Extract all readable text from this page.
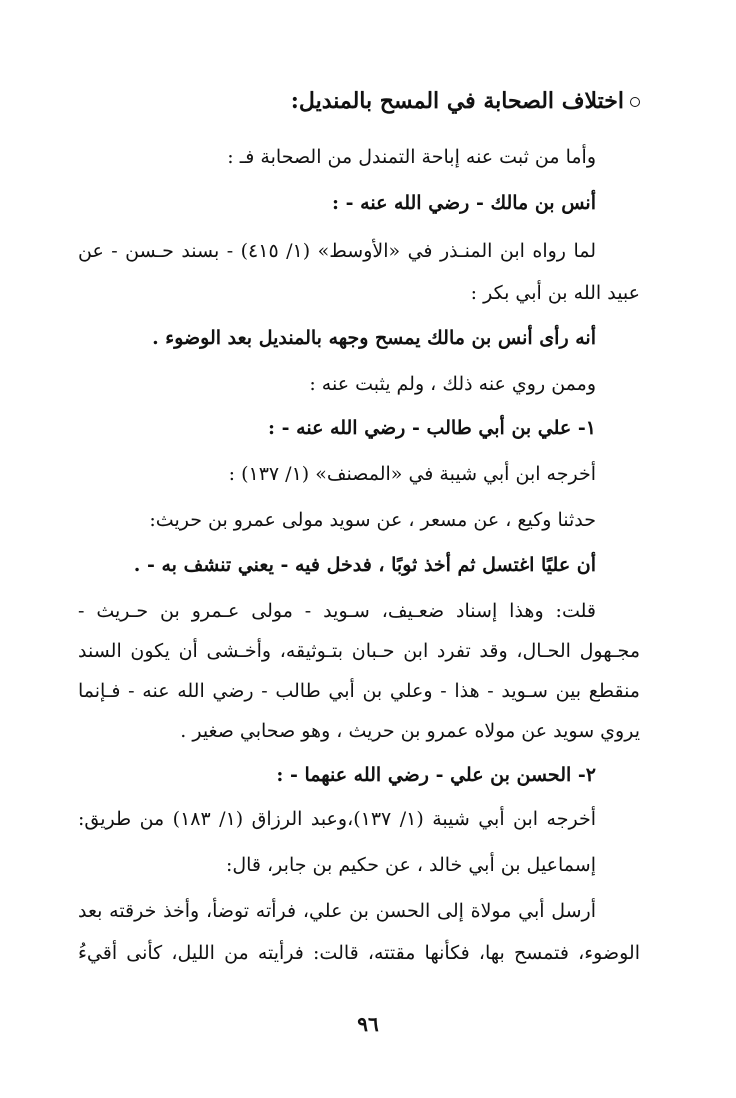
اختلاف الصحابة في المسح بالمنديل:
وأما من ثبت عنه إباحة التمندل من الصحابة فـ :
أنس بن مالك - رضي الله عنه - :
لما رواه ابن المنـذر في «الأوسط» (١/ ٤١٥) - بسند حـسن - عن
عبيد الله بن أبي بكر :
أنه رأى أنس بن مالك يمسح وجهه بالمنديل بعد الوضوء .
وممن روي عنه ذلك ، ولم يثبت عنه :
١- علي بن أبي طالب - رضي الله عنه - :
أخرجه ابن أبي شيبة في «المصنف» (١/ ١٣٧) :
حدثنا وكيع ، عن مسعر ، عن سويد مولى عمرو بن حريث:
أن عليًا اغتسل ثم أخذ ثوبًا ، فدخل فيه - يعني تنشف به - .
قلت: وهذا إسناد ضعـيف، سـويد - مولى عـمرو بن حـريث -
مجـهول الحـال، وقد تفرد ابن حـبان بتـوثيقه، وأخـشى أن يكون السند
منقطع بين سـويد - هذا - وعلي بن أبي طالب - رضي الله عنه - فـإنما
يروي سويد عن مولاه عمرو بن حريث ، وهو صحابي صغير .
٢- الحسن بن علي - رضي الله عنهما - :
أخرجه ابن أبي شيبة (١/ ١٣٧)،وعبد الرزاق (١/ ١٨٣) من طريق:
إسماعيل بن أبي خالد ، عن حكيم بن جابر، قال:
أرسل أبي مولاة إلى الحسن بن علي، فرأته توضأ، وأخذ خرقته بعد
الوضوء، فتمسح بها، فكأنها مقتته، قالت: فرأيته من الليل، كأنى أقيءُ
٩٦
